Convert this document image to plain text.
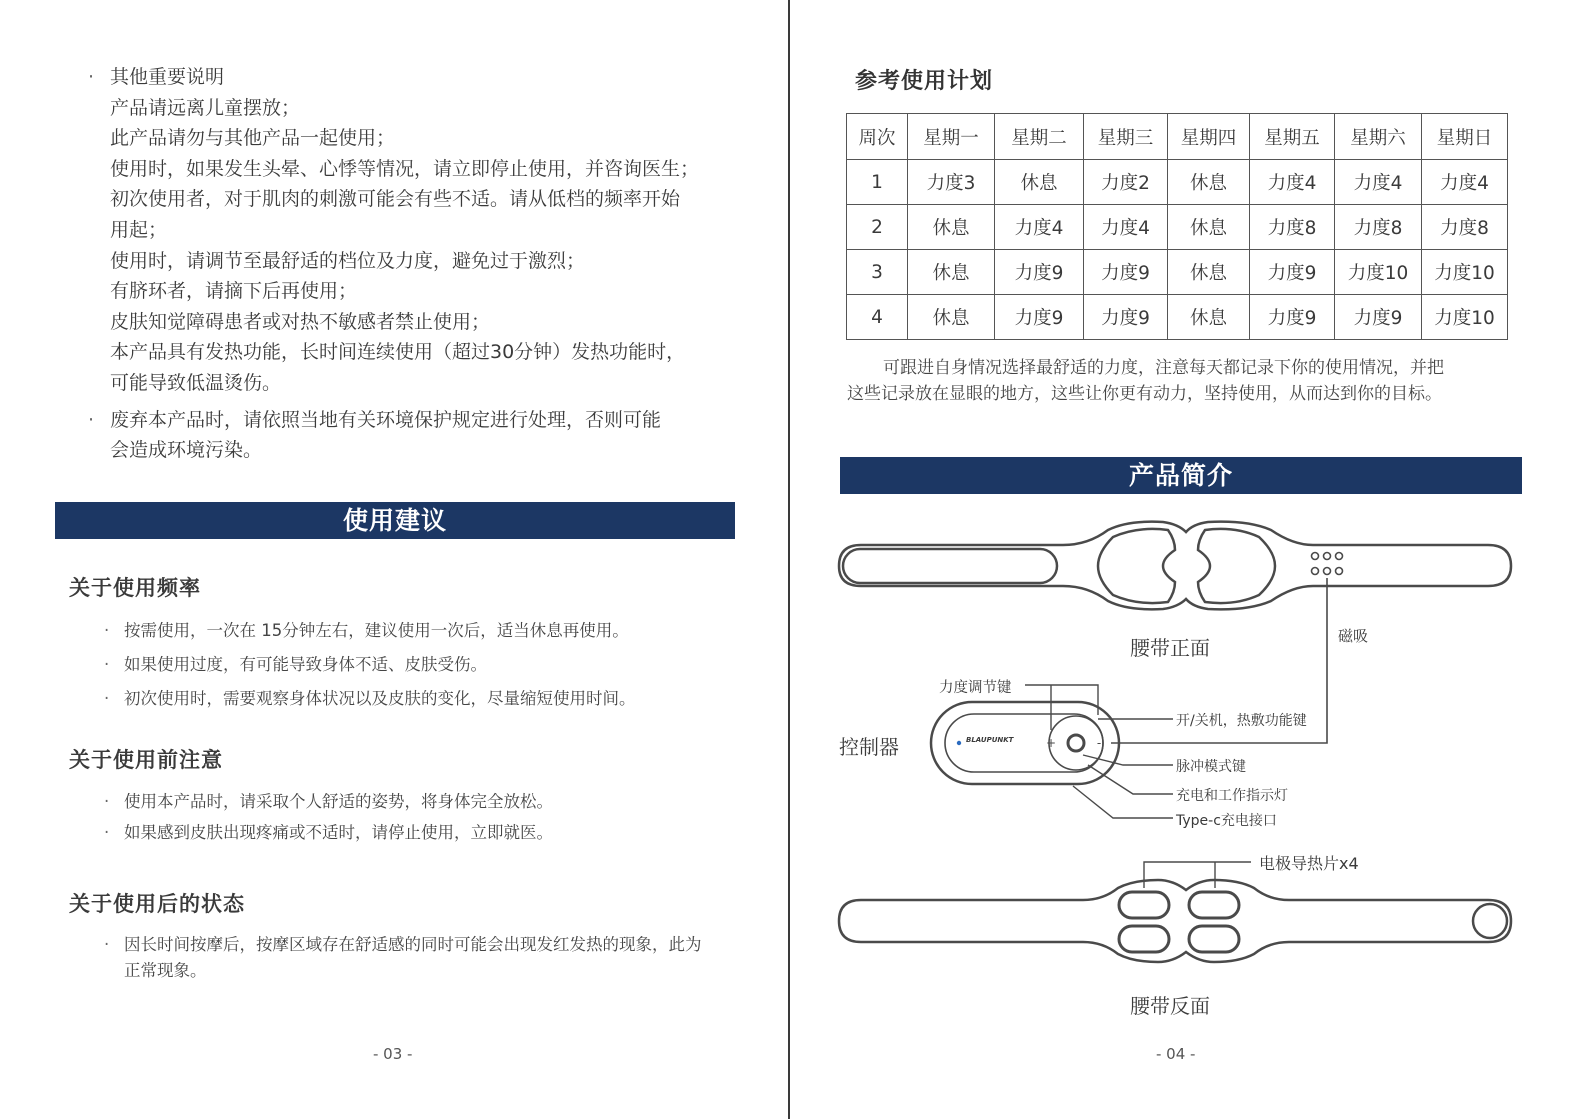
· 其他重要说明
产品请远离儿童摆放；
此产品请勿与其他产品一起使用；
使用时，如果发生头晕、心悸等情况，请立即停止使用，并咨询医生；
初次使用者，对于肌肉的刺激可能会有些不适。请从低档的频率开始
用起；
使用时，请调节至最舒适的档位及力度，避免过于激烈；
有脐环者，请摘下后再使用；
皮肤知觉障碍患者或对热不敏感者禁止使用；
本产品具有发热功能，长时间连续使用（超过30分钟）发热功能时，
可能导致低温烫伤。
· 废弃本产品时，请依照当地有关环境保护规定进行处理，否则可能
会造成环境污染。
使用建议
关于使用频率
· 按需使用，一次在 15分钟左右，建议使用一次后，适当休息再使用。
· 如果使用过度，有可能导致身体不适、皮肤受伤。
· 初次使用时，需要观察身体状况以及皮肤的变化，尽量缩短使用时间。
关于使用前注意
· 使用本产品时，请采取个人舒适的姿势，将身体完全放松。
· 如果感到皮肤出现疼痛或不适时，请停止使用，立即就医。
关于使用后的状态
· 因长时间按摩后，按摩区域存在舒适感的同时可能会出现发红发热的现象，此为正常现象。
- 03 -
参考使用计划
周次	星期一	星期二	星期三	星期四	星期五	星期六	星期日
1	力度3	休息	力度2	休息	力度4	力度4	力度4
2	休息	力度4	力度4	休息	力度8	力度8	力度8
3	休息	力度9	力度9	休息	力度9	力度10	力度10
4	休息	力度9	力度9	休息	力度9	力度9	力度10
可跟进自身情况选择最舒适的力度，注意每天都记录下你的使用情况，并把
这些记录放在显眼的地方，这些让你更有动力，坚持使用，从而达到你的目标。
产品简介
+	-
BLAUPUNKT
腰带正面	磁吸
力度调节键
控制器
开/关机，热敷功能键
脉冲模式键
充电和工作指示灯
Type-c充电接口
电极导热片x4
腰带反面
- 04 -
